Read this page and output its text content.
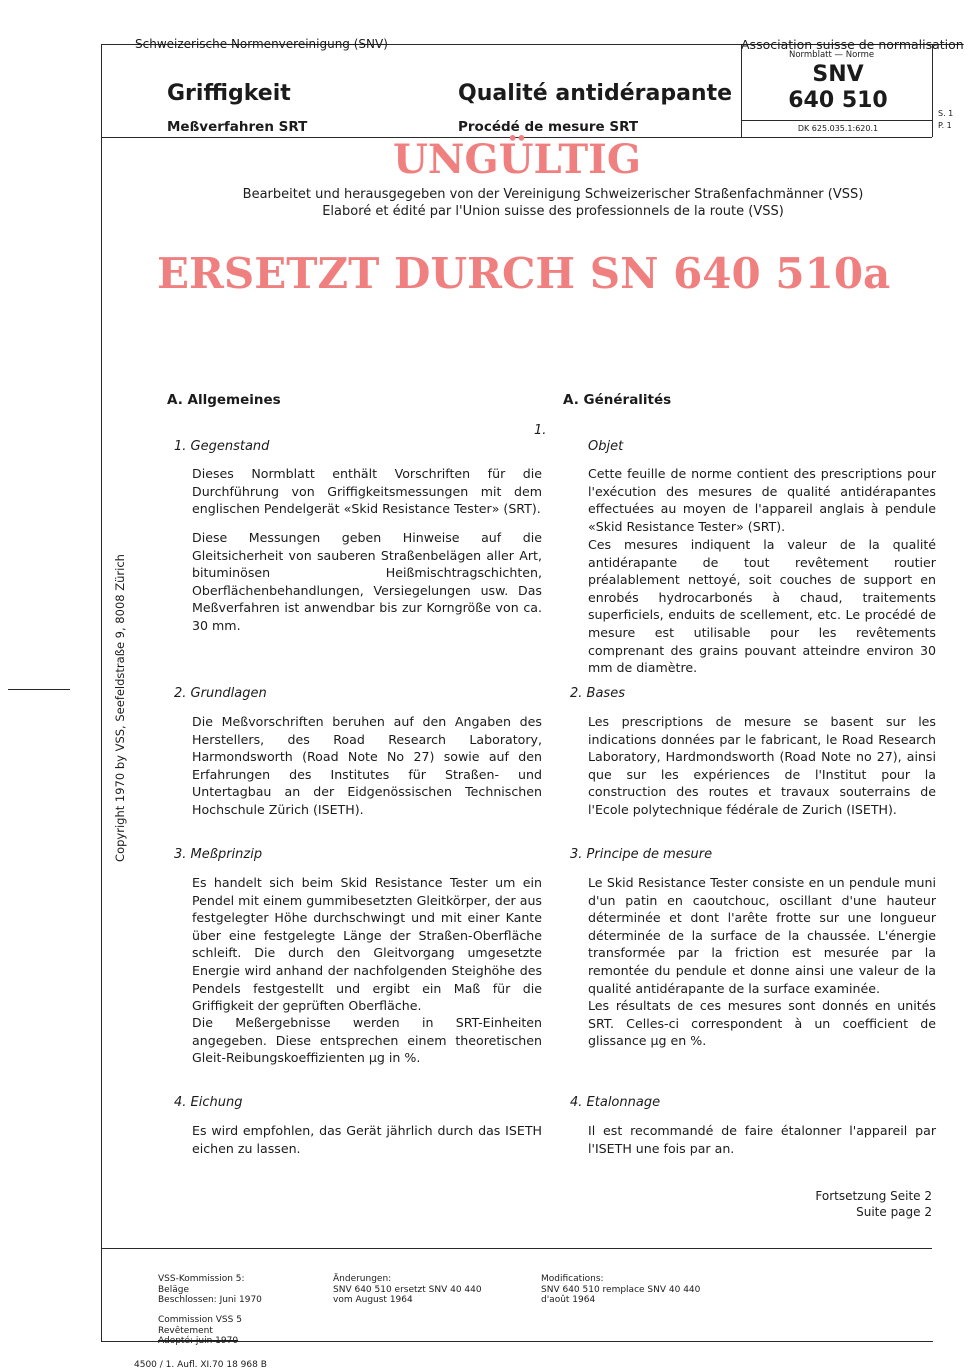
Schweizerische Normenvereinigung (SNV)	Association suisse de normalisation
Normblatt — Norme
SNV
640 510
DK 625.035.1:620.1
S. 1
P. 1
Griffigkeit
Meßverfahren SRT
Qualité antidérapante
Procédé de mesure SRT
UNGÜLTIG
ERSETZT DURCH SN 640 510a
Bearbeitet und herausgegeben von der Vereinigung Schweizerischer Straßenfachmänner (VSS)
Elaboré et édité par l'Union suisse des professionnels de la route (VSS)
Copyright 1970 by VSS, Seefeldstraße 9, 8008 Zürich
A. Allgemeines
1.
1. Gegenstand

Dieses Normblatt enthält Vorschriften für die Durchführung von Griffigkeitsmessungen mit dem englischen Pendelgerät «Skid Resistance Tester» (SRT).

Diese Messungen geben Hinweise auf die Gleitsicherheit von sauberen Straßenbelägen aller Art, bituminösen Heißmischtragschichten, Oberflächenbehandlungen, Versiegelungen usw. Das Meßverfahren ist anwendbar bis zur Korngröße von ca. 30 mm.

2. Grundlagen

Die Meßvorschriften beruhen auf den Angaben des Herstellers, des Road Research Laboratory, Harmondsworth (Road Note No 27) sowie auf den Erfahrungen des Institutes für Straßen- und Untertagbau an der Eidgenössischen Technischen Hochschule Zürich (ISETH).

3. Meßprinzip

Es handelt sich beim Skid Resistance Tester um ein Pendel mit einem gummibesetzten Gleitkörper, der aus festgelegter Höhe durchschwingt und mit einer Kante über eine festgelegte Länge der Straßen-Oberfläche schleift. Die durch den Gleitvorgang umgesetzte Energie wird anhand der nachfolgenden Steighöhe des Pendels festgestellt und ergibt ein Maß für die Griffigkeit der geprüften Oberfläche.

Die Meßergebnisse werden in SRT-Einheiten angegeben. Diese entsprechen einem theoretischen Gleit-Reibungskoeffizienten μg in %.

4. Eichung

Es wird empfohlen, das Gerät jährlich durch das ISETH eichen zu lassen.

A. Généralités
Objet

Cette feuille de norme contient des prescriptions pour l'exécution des mesures de qualité antidérapantes effectuées au moyen de l'appareil anglais à pendule «Skid Resistance Tester» (SRT).

Ces mesures indiquent la valeur de la qualité antidérapante de tout revêtement routier préalablement nettoyé, soit couches de support en enrobés hydrocarbonés à chaud, traitements superficiels, enduits de scellement, etc. Le procédé de mesure est utilisable pour les revêtements comprenant des grains pouvant atteindre environ 30 mm de diamètre.

2. Bases

Les prescriptions de mesure se basent sur les indications données par le fabricant, le Road Research Laboratory, Hardmondsworth (Road Note no 27), ainsi que sur les expériences de l'Institut pour la construction des routes et travaux souterrains de l'Ecole polytechnique fédérale de Zurich (ISETH).

3. Principe de mesure

Le Skid Resistance Tester consiste en un pendule muni d'un patin en caoutchouc, oscillant d'une hauteur déterminée et dont l'arête frotte sur une longueur déterminée de la surface de la chaussée. L'énergie transformée par la friction est mesurée par la remontée du pendule et donne ainsi une valeur de la qualité antidérapante de la surface examinée.

Les résultats de ces mesures sont donnés en unités SRT. Celles-ci correspondent à un coefficient de glissance μg en %.

4. Etalonnage

Il est recommandé de faire étalonner l'appareil par l'ISETH une fois par an.

Fortsetzung Seite 2
Suite page 2
VSS-Kommission 5:
Beläge
Beschlossen: Juni 1970
Commission VSS 5
Revêtement
Adopté: juin 1970
Änderungen:
SNV 640 510 ersetzt SNV 40 440
vom August 1964
Modifications:
SNV 640 510 remplace SNV 40 440
d'août 1964
4500 / 1. Aufl. XI.70 18 968 B
